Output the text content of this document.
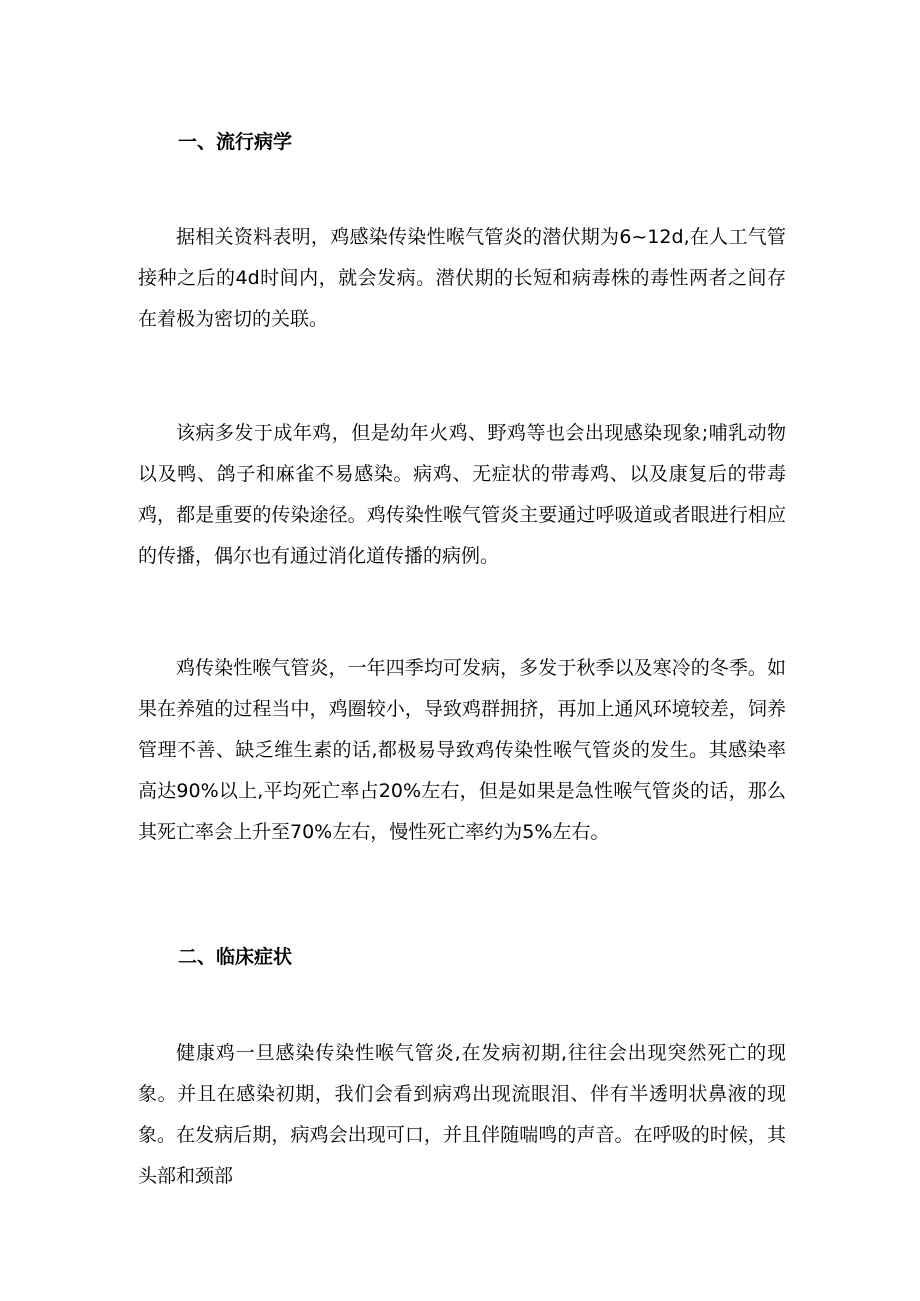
一、流行病学

据相关资料表明，鸡感染传染性喉气管炎的潜伏期为6~12d,在人工气管接种之后的4d时间内，就会发病。潜伏期的长短和病毒株的毒性两者之间存在着极为密切的关联。

该病多发于成年鸡，但是幼年火鸡、野鸡等也会出现感染现象;哺乳动物以及鸭、鸽子和麻雀不易感染。病鸡、无症状的带毒鸡、以及康复后的带毒鸡，都是重要的传染途径。鸡传染性喉气管炎主要通过呼吸道或者眼进行相应的传播，偶尔也有通过消化道传播的病例。

鸡传染性喉气管炎，一年四季均可发病，多发于秋季以及寒冷的冬季。如果在养殖的过程当中，鸡圈较小，导致鸡群拥挤，再加上通风环境较差，饲养管理不善、缺乏维生素的话,都极易导致鸡传染性喉气管炎的发生。其感染率高达90%以上,平均死亡率占20%左右，但是如果是急性喉气管炎的话，那么其死亡率会上升至70%左右，慢性死亡率约为5%左右。

二、临床症状

健康鸡一旦感染传染性喉气管炎,在发病初期,往往会出现突然死亡的现象。并且在感染初期，我们会看到病鸡出现流眼泪、伴有半透明状鼻液的现象。在发病后期，病鸡会出现可口，并且伴随喘鸣的声音。在呼吸的时候，其头部和颈部
